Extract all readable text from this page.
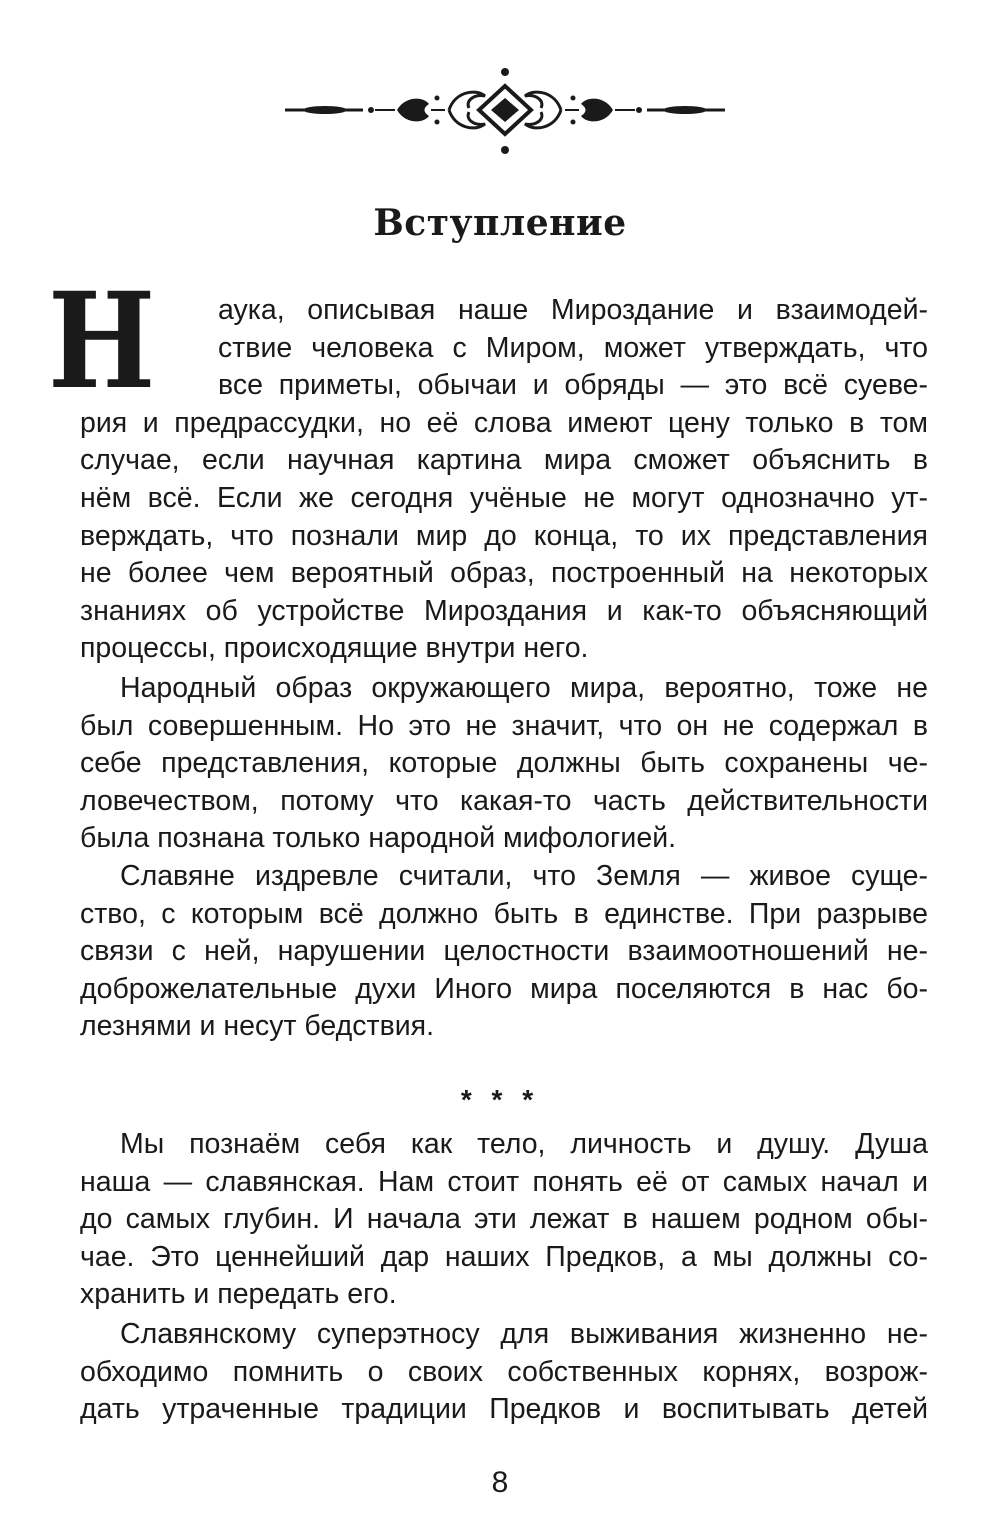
Вступление
Н	аука, описывая наше Мироздание и взаимодей-
ствие человека с Миром, может утверждать, что
все приметы, обычаи и обряды — это всё суеве-
рия и предрассудки, но её слова имеют цену только в том
случае, если научная картина мира сможет объяснить в
нём всё. Если же сегодня учёные не могут однозначно ут-
верждать, что познали мир до конца, то их представления
не более чем вероятный образ, построенный на некоторых
знаниях об устройстве Мироздания и как-то объясняющий
процессы, происходящие внутри него.
Народный образ окружающего мира, вероятно, тоже не
был совершенным. Но это не значит, что он не содержал в
себе представления, которые должны быть сохранены че-
ловечеством, потому что какая-то часть действительности
была познана только народной мифологией.
Славяне издревле считали, что Земля — живое суще-
ство, с которым всё должно быть в единстве. При разрыве
связи с ней, нарушении целостности взаимоотношений не-
доброжелательные духи Иного мира поселяются в нас бо-
лезнями и несут бедствия.
* * *
Мы познаём себя как тело, личность и душу. Душа
наша — славянская. Нам стоит понять её от самых начал и
до самых глубин. И начала эти лежат в нашем родном обы-
чае. Это ценнейший дар наших Предков, а мы должны со-
хранить и передать его.
Славянскому суперэтносу для выживания жизненно не-
обходимо помнить о своих собственных корнях, возрож-
дать утраченные традиции Предков и воспитывать детей
8
